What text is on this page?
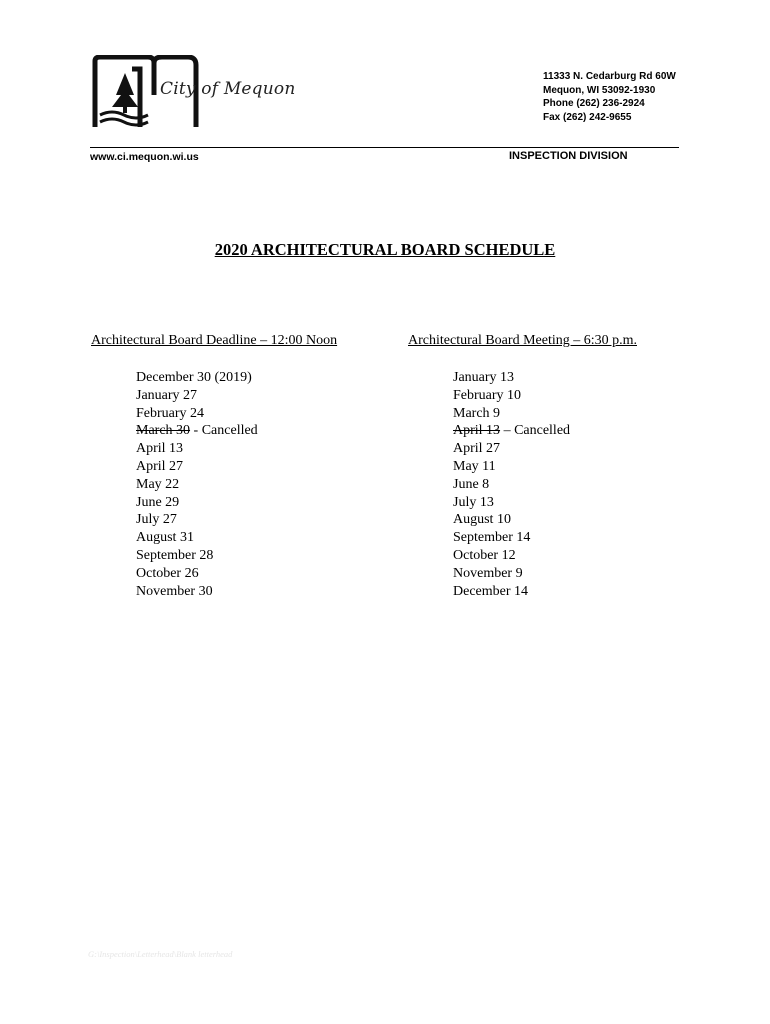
City of Mequon
11333 N. Cedarburg Rd 60W
Mequon, WI 53092-1930
Phone (262) 236-2924
Fax (262) 242-9655
www.ci.mequon.wi.us	INSPECTION DIVISION
2020 ARCHITECTURAL BOARD SCHEDULE
Architectural Board Deadline – 12:00 Noon	Architectural Board Meeting – 6:30 p.m.
December 30 (2019)
January 27
February 24
March 30 - Cancelled
April 13
April 27
May 22
June 29
July 27
August 31
September 28
October 26
November 30
January 13
February 10
March 9
April 13 – Cancelled
April 27
May 11
June 8
July 13
August 10
September 14
October 12
November 9
December 14
G:\Inspection\Letterhead\Blank letterhead
